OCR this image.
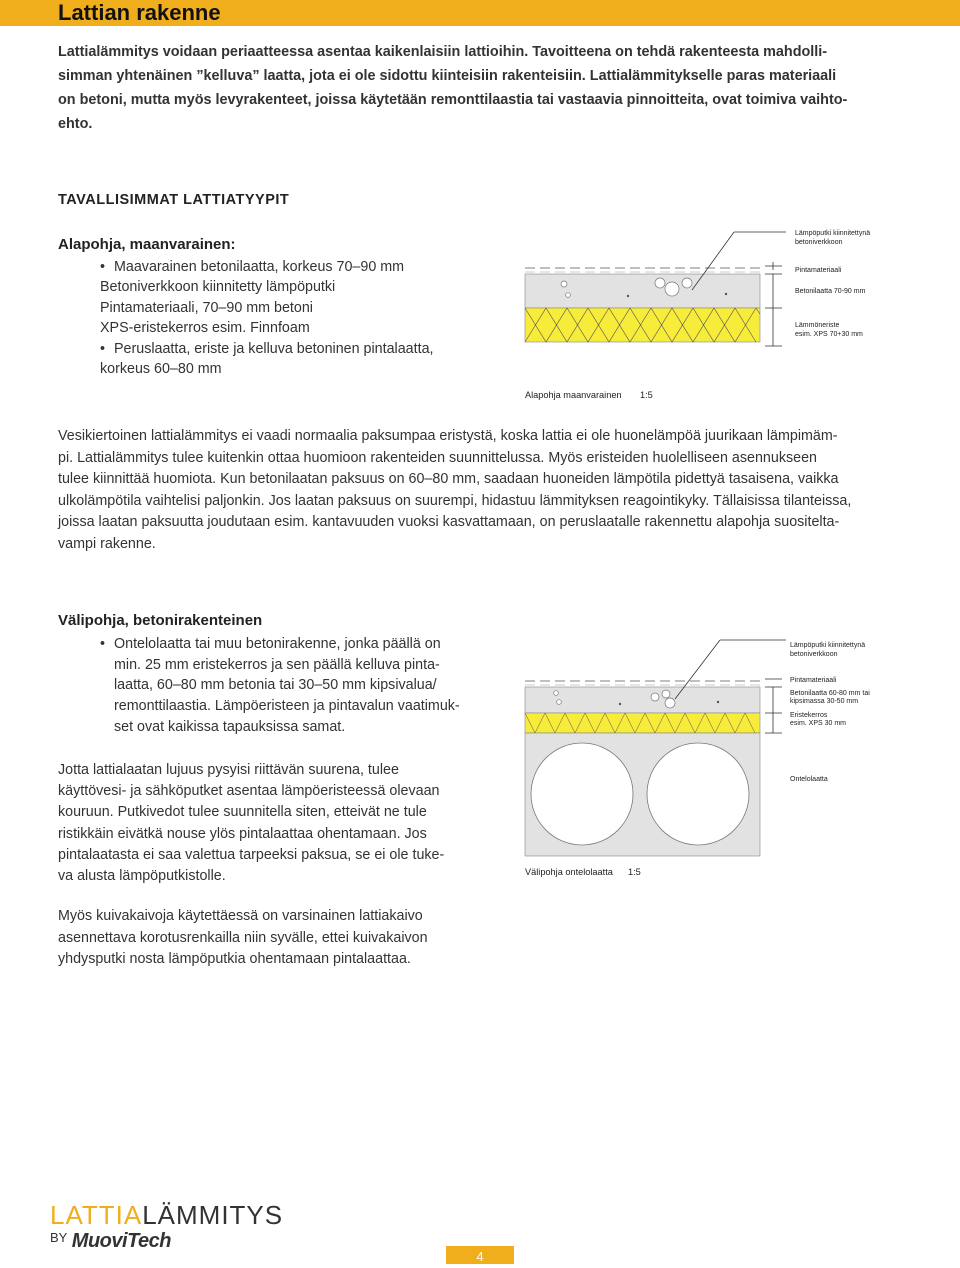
Lattian rakenne

Lattialämmitys voidaan periaatteessa asentaa kaikenlaisiin lattioihin. Tavoitteena on tehdä rakenteesta mahdolli-
simman yhtenäinen ”kelluva” laatta, jota ei ole sidottu kiinteisiin rakenteisiin. Lattialämmitykselle paras materiaali
on betoni, mutta myös levyrakenteet, joissa käytetään remonttilaastia tai vastaavia pinnoitteita, ovat toimiva vaihto-
ehto.

TAVALLISIMMAT LATTIATYYPIT
Alapohja, maanvarainen:
• Maavarainen betonilaatta, korkeus 70–90 mm
Betoniverkkoon kiinnitetty lämpöputki
Pintamateriaali, 70–90 mm betoni
XPS-eristekerros esim. Finnfoam
• Peruslaatta, eriste ja kelluva betoninen pintalaatta,
korkeus 60–80 mm
Lämpöputki kiinnitettynä
betoniverkkoon
Pintamateriaali
Betonilaatta 70-90 mm
Lämmöneriste
esim. XPS 70+30 mm
Alapohja maanvarainen 1:5

Vesikiertoinen lattialämmitys ei vaadi normaalia paksumpaa eristystä, koska lattia ei ole huonelämpöä juurikaan lämpimäm-
pi. Lattialämmitys tulee kuitenkin ottaa huomioon rakenteiden suunnittelussa. Myös eristeiden huolelliseen asennukseen
tulee kiinnittää huomiota. Kun betonilaatan paksuus on 60–80 mm, saadaan huoneiden lämpötila pidettyä tasaisena, vaikka
ulkolämpötila vaihtelisi paljonkin. Jos laatan paksuus on suurempi, hidastuu lämmityksen reagointikyky. Tällaisissa tilanteissa,
joissa laatan paksuutta joudutaan esim. kantavuuden vuoksi kasvattamaan, on peruslaatalle rakennettu alapohja suositelta-
vampi rakenne.

Välipohja, betonirakenteinen
• Ontelolaatta tai muu betonirakenne, jonka päällä on
min. 25 mm eristekerros ja sen päällä kelluva pinta-
laatta, 60–80 mm betonia tai 30–50 mm kipsivalua/
remonttilaastia. Lämpöeristeen ja pintavalun vaatimuk-
set ovat kaikissa tapauksissa samat.

Jotta lattialaatan lujuus pysyisi riittävän suurena, tulee
käyttövesi- ja sähköputket asentaa lämpöeristeessä olevaan
kouruun. Putkivedot tulee suunnitella siten, etteivät ne tule
ristikkäin eivätkä nouse ylös pintalaattaa ohentamaan. Jos
pintalaatasta ei saa valettua tarpeeksi paksua, se ei ole tuke-
va alusta lämpöputkistolle.

Myös kuivakaivoja käytettäessä on varsinainen lattiakaivo
asennettava korotusrenkailla niin syvälle, ettei kuivakaivon
yhdysputki nosta lämpöputkia ohentamaan pintalaattaa.

Lämpöputki kiinnitettynä
betoniverkkoon
Pintamateriaali
Betonilaatta 60-80 mm tai
kipsimassa 30-50 mm
Eristekerros
esim. XPS 30 mm
Ontelolaatta
Välipohja ontelolaatta 1:5
LATTIALÄMMITYS
$^{BY}$ MuoviTech
4
